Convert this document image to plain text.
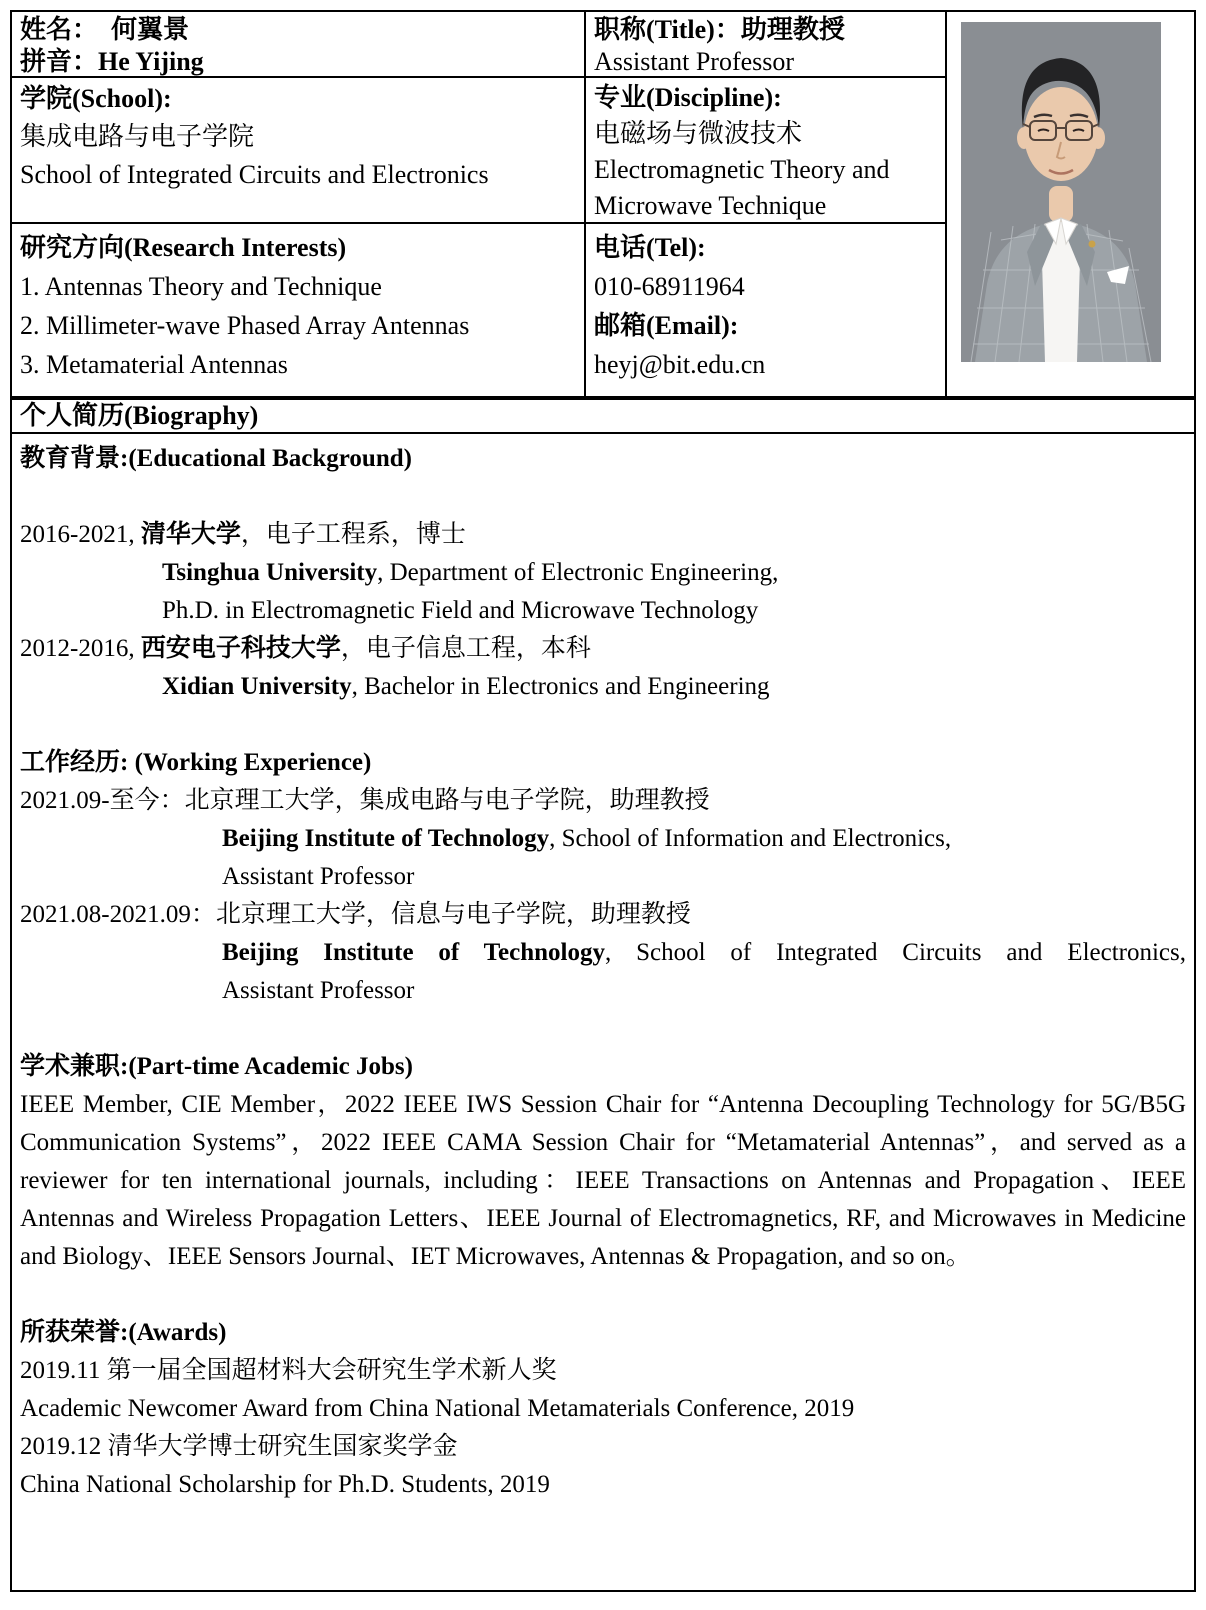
姓名：　何翼景
拼音：He Yijing
职称(Title)：助理教授
Assistant Professor
学院(School):
集成电路与电子学院
School of Integrated Circuits and Electronics
专业(Discipline):
电磁场与微波技术
Electromagnetic Theory and
Microwave Technique
研究方向(Research Interests)
1. Antennas Theory and Technique
2. Millimeter-wave Phased Array Antennas
3. Metamaterial Antennas
电话(Tel):
010-68911964
邮箱(Email):
heyj@bit.edu.cn
个人简历(Biography)
教育背景:(Educational Background)
2016-2021, 清华大学，电子工程系，博士
Tsinghua University, Department of Electronic Engineering,
Ph.D. in Electromagnetic Field and Microwave Technology
2012-2016, 西安电子科技大学，电子信息工程，本科
Xidian University, Bachelor in Electronics and Engineering
工作经历: (Working Experience)
2021.09-至今：北京理工大学，集成电路与电子学院，助理教授
Beijing Institute of Technology, School of Information and Electronics,
Assistant Professor
2021.08-2021.09：北京理工大学，信息与电子学院，助理教授
Beijing Institute of Technology, School of Integrated Circuits and Electronics,
Assistant Professor
学术兼职:(Part-time Academic Jobs)
IEEE Member, CIE Member，2022 IEEE IWS Session Chair for “Antenna Decoupling Technology for 5G/B5G Communication Systems”，2022 IEEE CAMA Session Chair for “Metamaterial Antennas”，and served as a reviewer for ten international journals, including：IEEE Transactions on Antennas and Propagation、IEEE Antennas and Wireless Propagation Letters、IEEE Journal of Electromagnetics, RF, and Microwaves in Medicine and Biology、IEEE Sensors Journal、IET Microwaves, Antennas & Propagation, and so on。
所获荣誉:(Awards)
2019.11 第一届全国超材料大会研究生学术新人奖
Academic Newcomer Award from China National Metamaterials Conference, 2019
2019.12 清华大学博士研究生国家奖学金
China National Scholarship for Ph.D. Students, 2019
